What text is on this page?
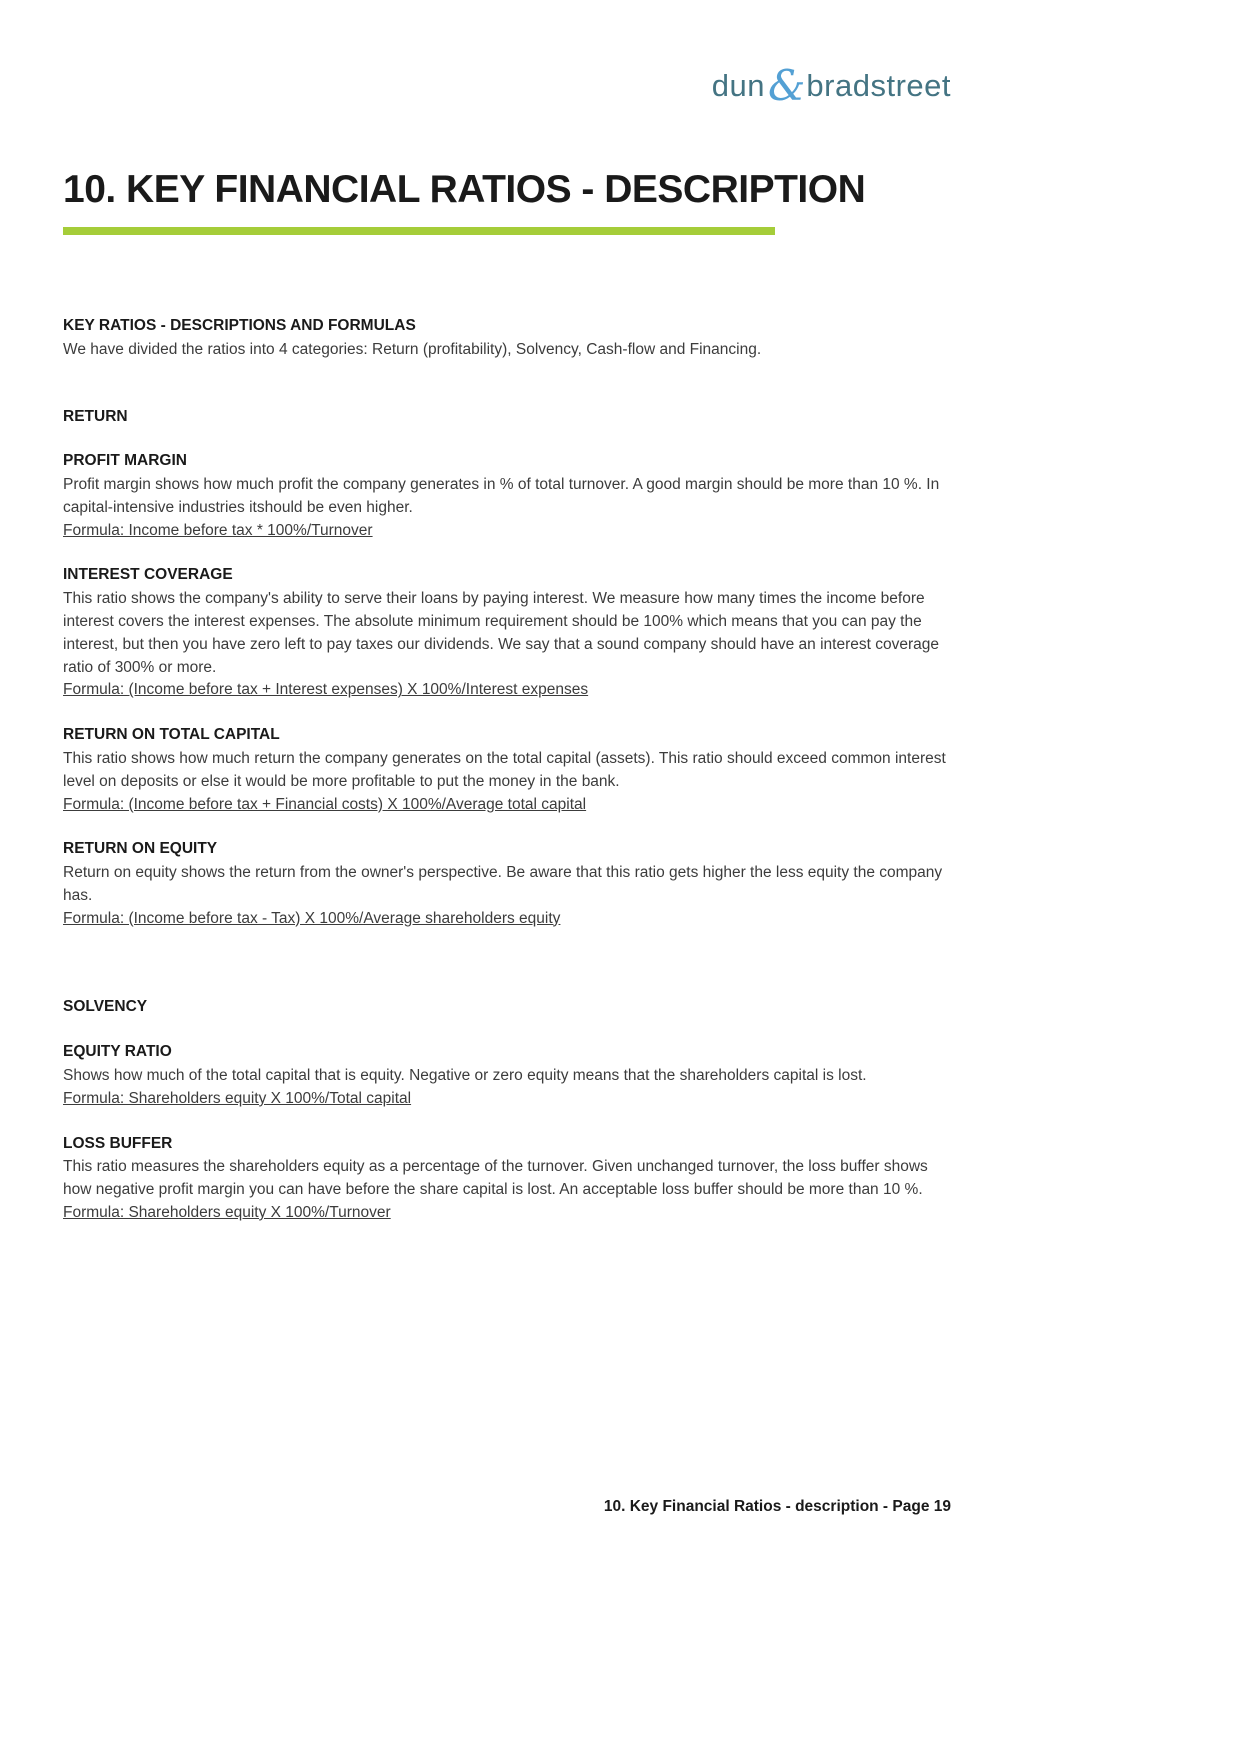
dun&bradstreet
10. KEY FINANCIAL RATIOS - DESCRIPTION
KEY RATIOS - DESCRIPTIONS AND FORMULAS

We have divided the ratios into 4 categories: Return (profitability), Solvency, Cash-flow and Financing.

RETURN
PROFIT MARGIN

Profit margin shows how much profit the company generates in % of total turnover. A good margin should be more than 10 %. In capital-intensive industries itshould be even higher.

Formula: Income before tax * 100%/Turnover

INTEREST COVERAGE

This ratio shows the company's ability to serve their loans by paying interest. We measure how many times the income before interest covers the interest expenses. The absolute minimum requirement should be 100% which means that you can pay the interest, but then you have zero left to pay taxes our dividends. We say that a sound company should have an interest coverage ratio of 300% or more.

Formula: (Income before tax + Interest expenses) X 100%/Interest expenses

RETURN ON TOTAL CAPITAL

This ratio shows how much return the company generates on the total capital (assets). This ratio should exceed common interest level on deposits or else it would be more profitable to put the money in the bank.

Formula: (Income before tax + Financial costs) X 100%/Average total capital

RETURN ON EQUITY

Return on equity shows the return from the owner's perspective. Be aware that this ratio gets higher the less equity the company has.

Formula: (Income before tax - Tax) X 100%/Average shareholders equity

SOLVENCY
EQUITY RATIO

Shows how much of the total capital that is equity. Negative or zero equity means that the shareholders capital is lost.

Formula: Shareholders equity X 100%/Total capital

LOSS BUFFER

This ratio measures the shareholders equity as a percentage of the turnover. Given unchanged turnover, the loss buffer shows how negative profit margin you can have before the share capital is lost. An acceptable loss buffer should be more than 10 %.

Formula: Shareholders equity X 100%/Turnover

10. Key Financial Ratios - description - Page 19
